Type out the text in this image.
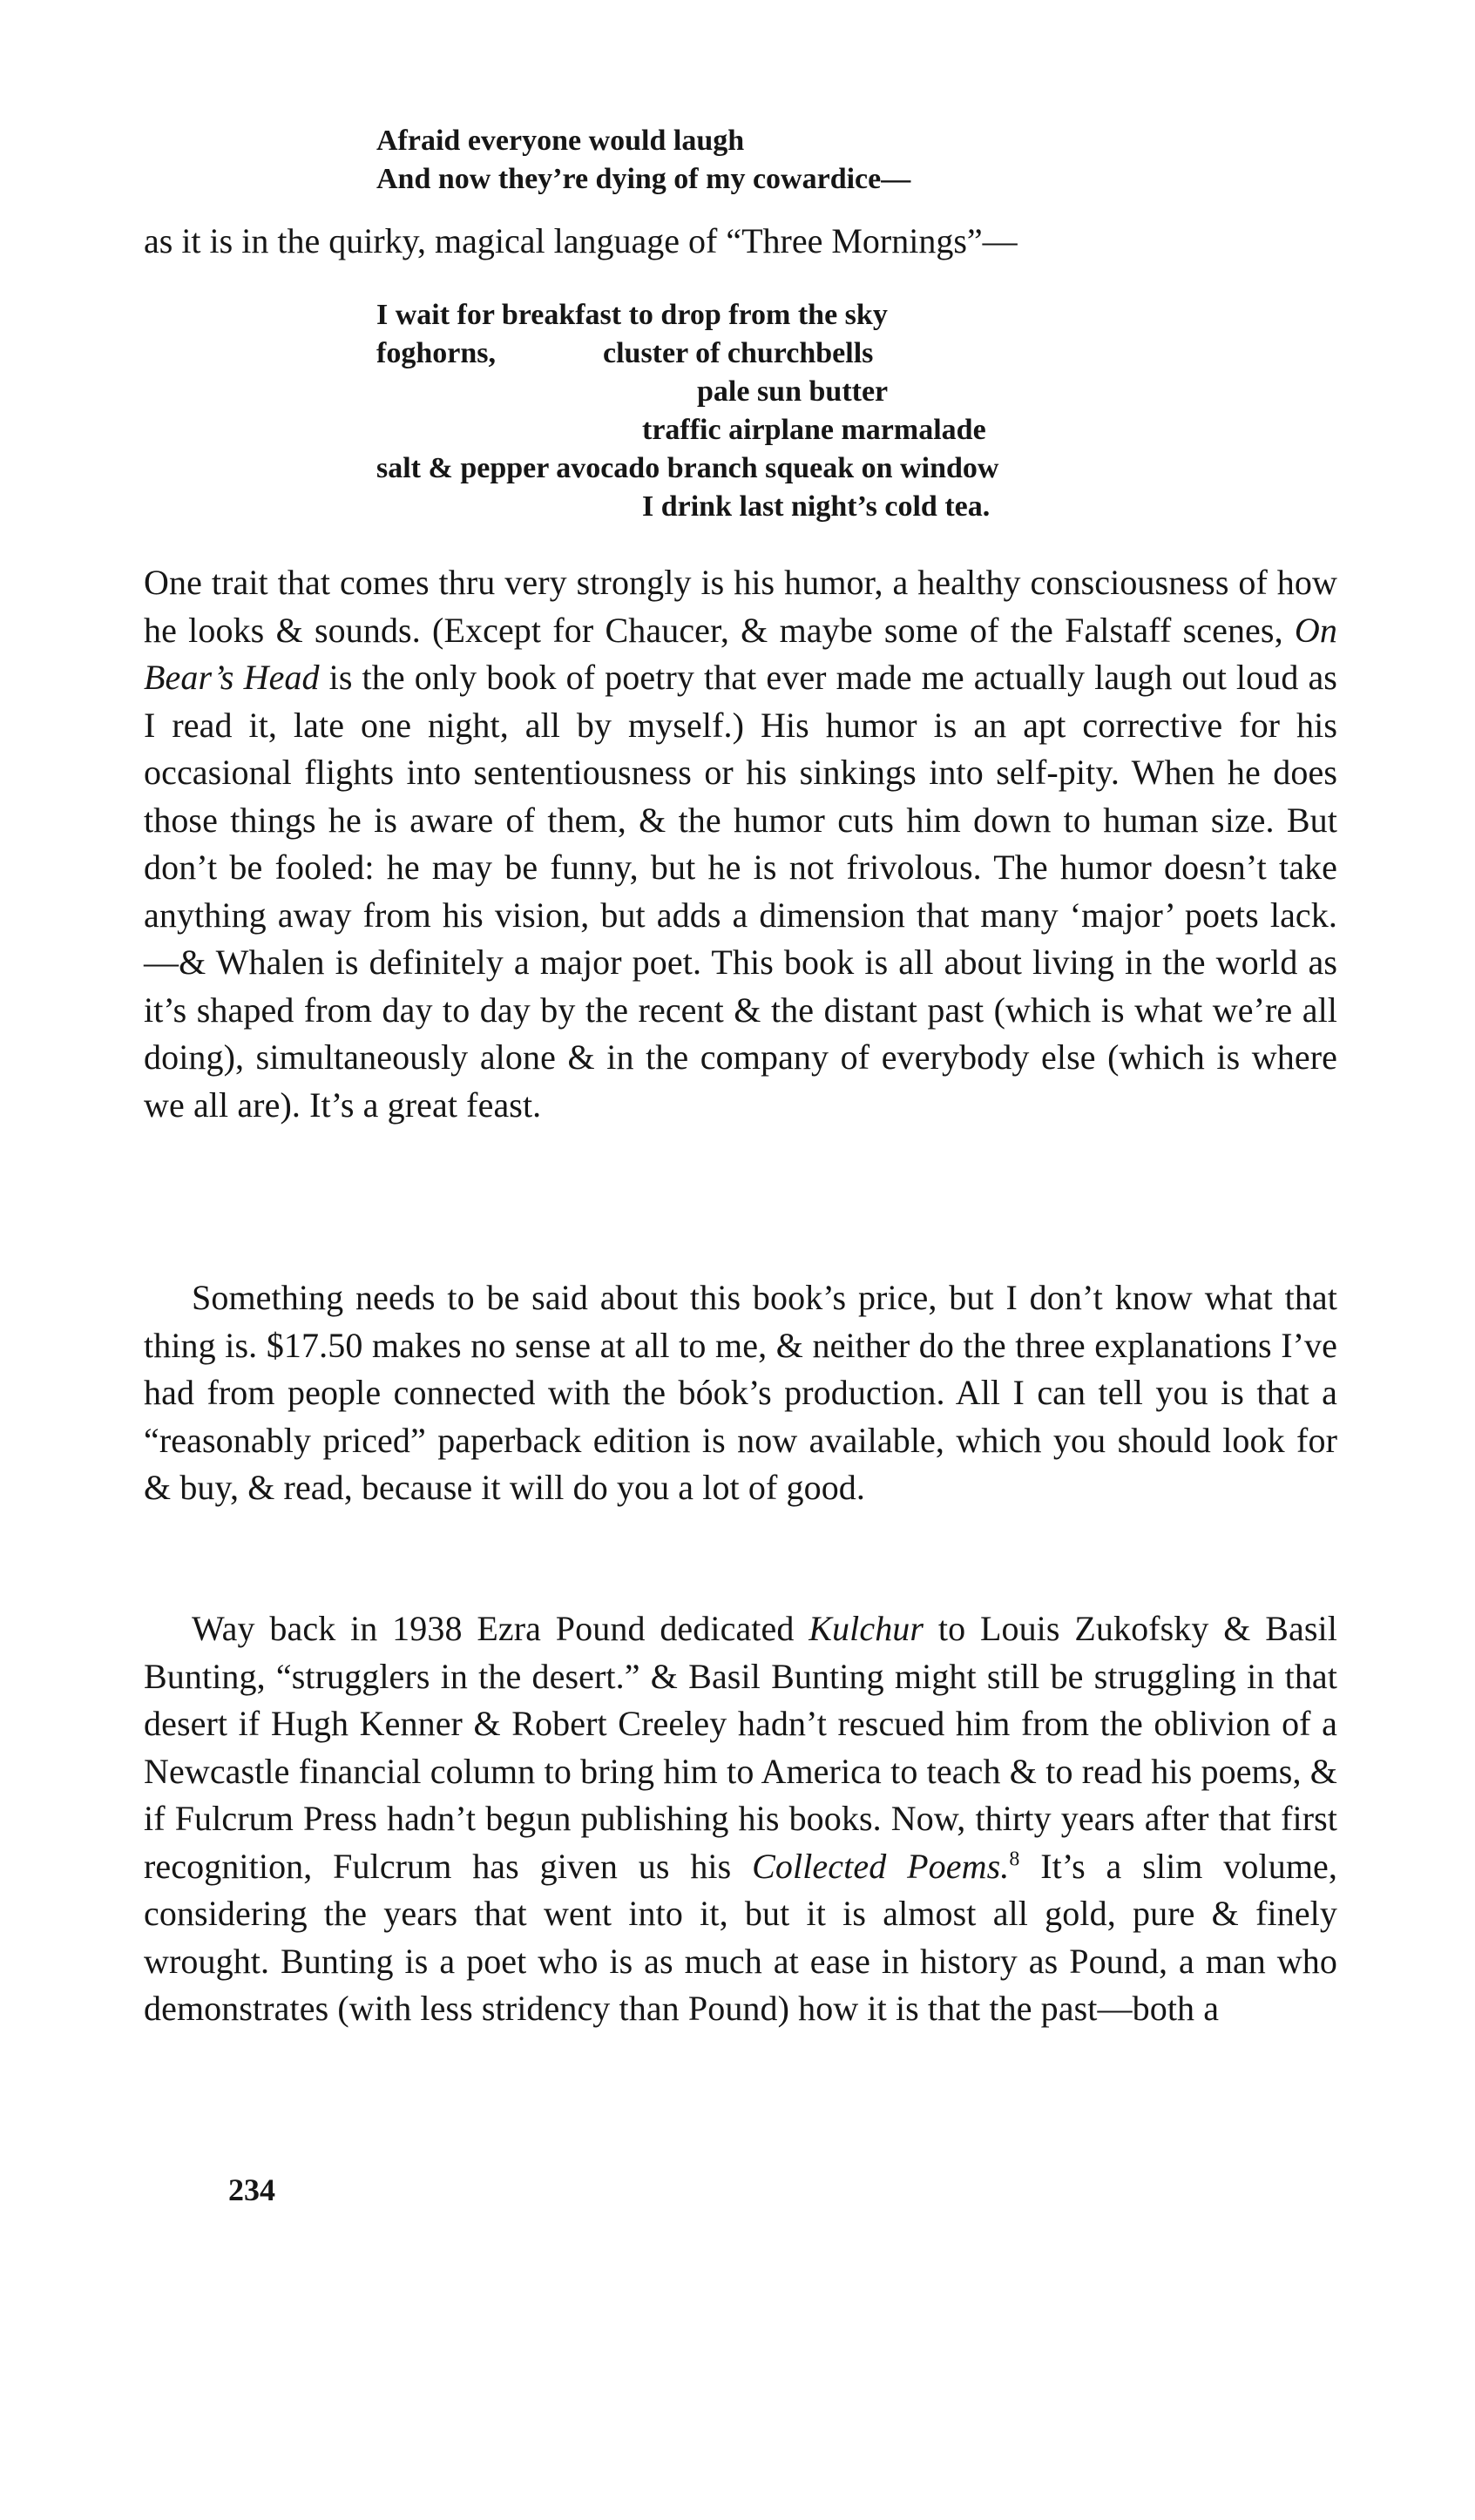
Afraid everyone would laugh
And now they’re dying of my cowardice—
as it is in the quirky, magical language of “Three Mornings”—
I wait for breakfast to drop from the sky
foghorns,	cluster of churchbells
pale sun butter
traffic airplane marmalade
salt & pepper avocado branch squeak on window
I drink last night’s cold tea.

One trait that comes thru very strongly is his humor, a healthy consciousness of how he looks & sounds. (Except for Chaucer, & maybe some of the Falstaff scenes, On Bear’s Head is the only book of poetry that ever made me actually laugh out loud as I read it, late one night, all by myself.) His humor is an apt corrective for his occasional flights into sententiousness or his sinkings into self-pity. When he does those things he is aware of them, & the humor cuts him down to human size. But don’t be fooled: he may be funny, but he is not frivolous. The humor doesn’t take anything away from his vision, but adds a dimension that many ‘major’ poets lack.—& Whalen is definitely a major poet. This book is all about living in the world as it’s shaped from day to day by the recent & the distant past (which is what we’re all doing), simultaneously alone & in the company of everybody else (which is where we all are). It’s a great feast.

Something needs to be said about this book’s price, but I don’t know what that thing is. $17.50 makes no sense at all to me, & neither do the three explanations I’ve had from people connected with the bóok’s production. All I can tell you is that a “reasonably priced” paperback edition is now available, which you should look for & buy, & read, because it will do you a lot of good.

Way back in 1938 Ezra Pound dedicated Kulchur to Louis Zukofsky & Basil Bunting, “strugglers in the desert.” & Basil Bunting might still be struggling in that desert if Hugh Kenner & Robert Creeley hadn’t rescued him from the oblivion of a Newcastle financial column to bring him to America to teach & to read his poems, & if Fulcrum Press hadn’t begun publishing his books. Now, thirty years after that first recognition, Fulcrum has given us his Collected Poems.$^8$ It’s a slim volume, considering the years that went into it, but it is almost all gold, pure & finely wrought. Bunting is a poet who is as much at ease in history as Pound, a man who demonstrates (with less stridency than Pound) how it is that the past—both a

234
